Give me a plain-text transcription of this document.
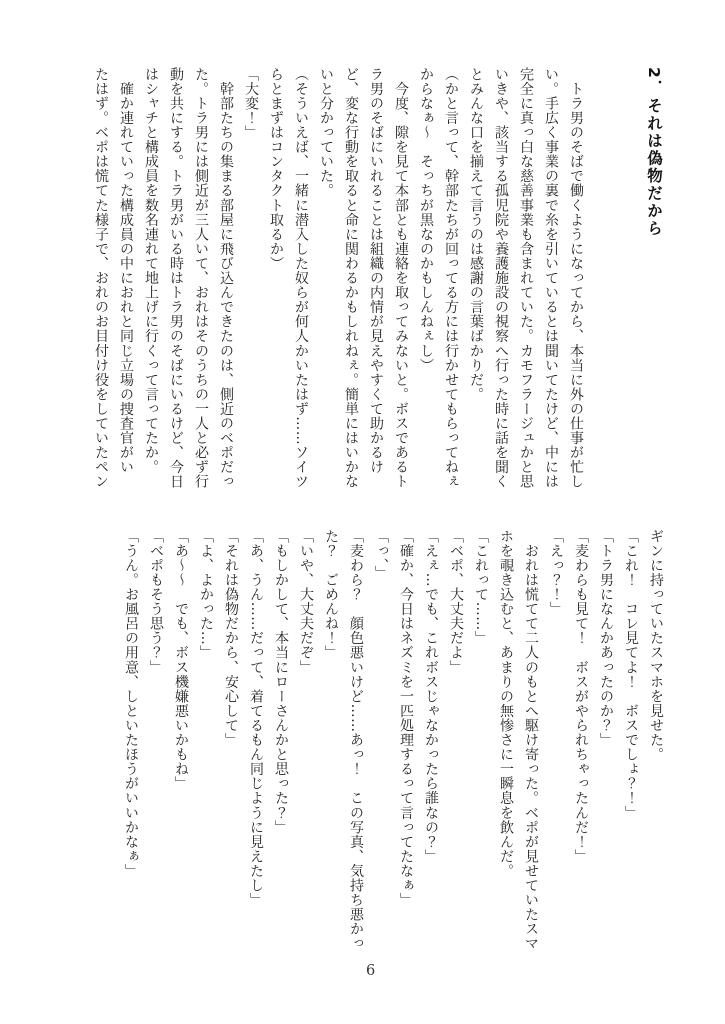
2．それは偽物だから
　トラ男のそばで働くようになってから、本当に外の仕事が忙し
い。手広く事業の裏で糸を引いているとは聞いてたけど、中には
完全に真っ白な慈善事業も含まれていた。カモフラージュかと思
いきや、該当する孤児院や養護施設の視察へ行った時に話を聞く
とみんな口を揃えて言うのは感謝の言葉ばかりだ。
（かと言って、幹部たちが回ってる方には行かせてもらってねぇ
からなぁ～　そっちが黒なのかもしんねぇし）
　今度、隙を見て本部とも連絡を取ってみないと。ボスであるト
ラ男のそばにいれることは組織の内情が見えやすくて助かるけ
ど、変な行動を取ると命に関わるかもしれねぇ。簡単にはいかな
いと分かっていた。
（そういえば、一緒に潜入した奴らが何人かいたはず……ソイツ
らとまずはコンタクト取るか）
「大変！」
　幹部たちの集まる部屋に飛び込んできたのは、側近のベポだっ
た。トラ男には側近が三人いて、おれはそのうちの一人と必ず行
動を共にする。トラ男がいる時はトラ男のそばにいるけど、今日
はシャチと構成員を数名連れて地上げに行くって言ってたか。
　確か連れていった構成員の中におれと同じ立場の捜査官がい
たはず。ベポは慌てた様子で、おれのお目付け役をしていたペン
ギンに持っていたスマホを見せた。
「これ！　コレ見てよ！　ボスでしょ？！」
「トラ男になんかあったのか？」
「麦わらも見て！　ボスがやられちゃったんだ！」
「えっ？！」
　おれは慌てて二人のもとへ駆け寄った。ベポが見せていたスマ
ホを覗き込むと、あまりの無惨さに一瞬息を飲んだ。
「これって……」
「ベポ、大丈夫だよ」
「えぇ…でも、これボスじゃなかったら誰なの？」
「確か、今日はネズミを一匹処理するって言ってたなぁ」
「っ、」
「麦わら？　顔色悪いけど……あっ！　この写真、気持ち悪かっ
た？　ごめんね！」
「いや、大丈夫だぞ」
「もしかして、本当にローさんかと思った？」
「あ、うん……だって、着てるもん同じように見えたし」
「それは偽物だから、安心して」
「よ、よかった…」
「あ～～　でも、ボス機嫌悪いかもね」
「ベポもそう思う？」
「うん。お風呂の用意、しといたほうがいいかなぁ」
6
